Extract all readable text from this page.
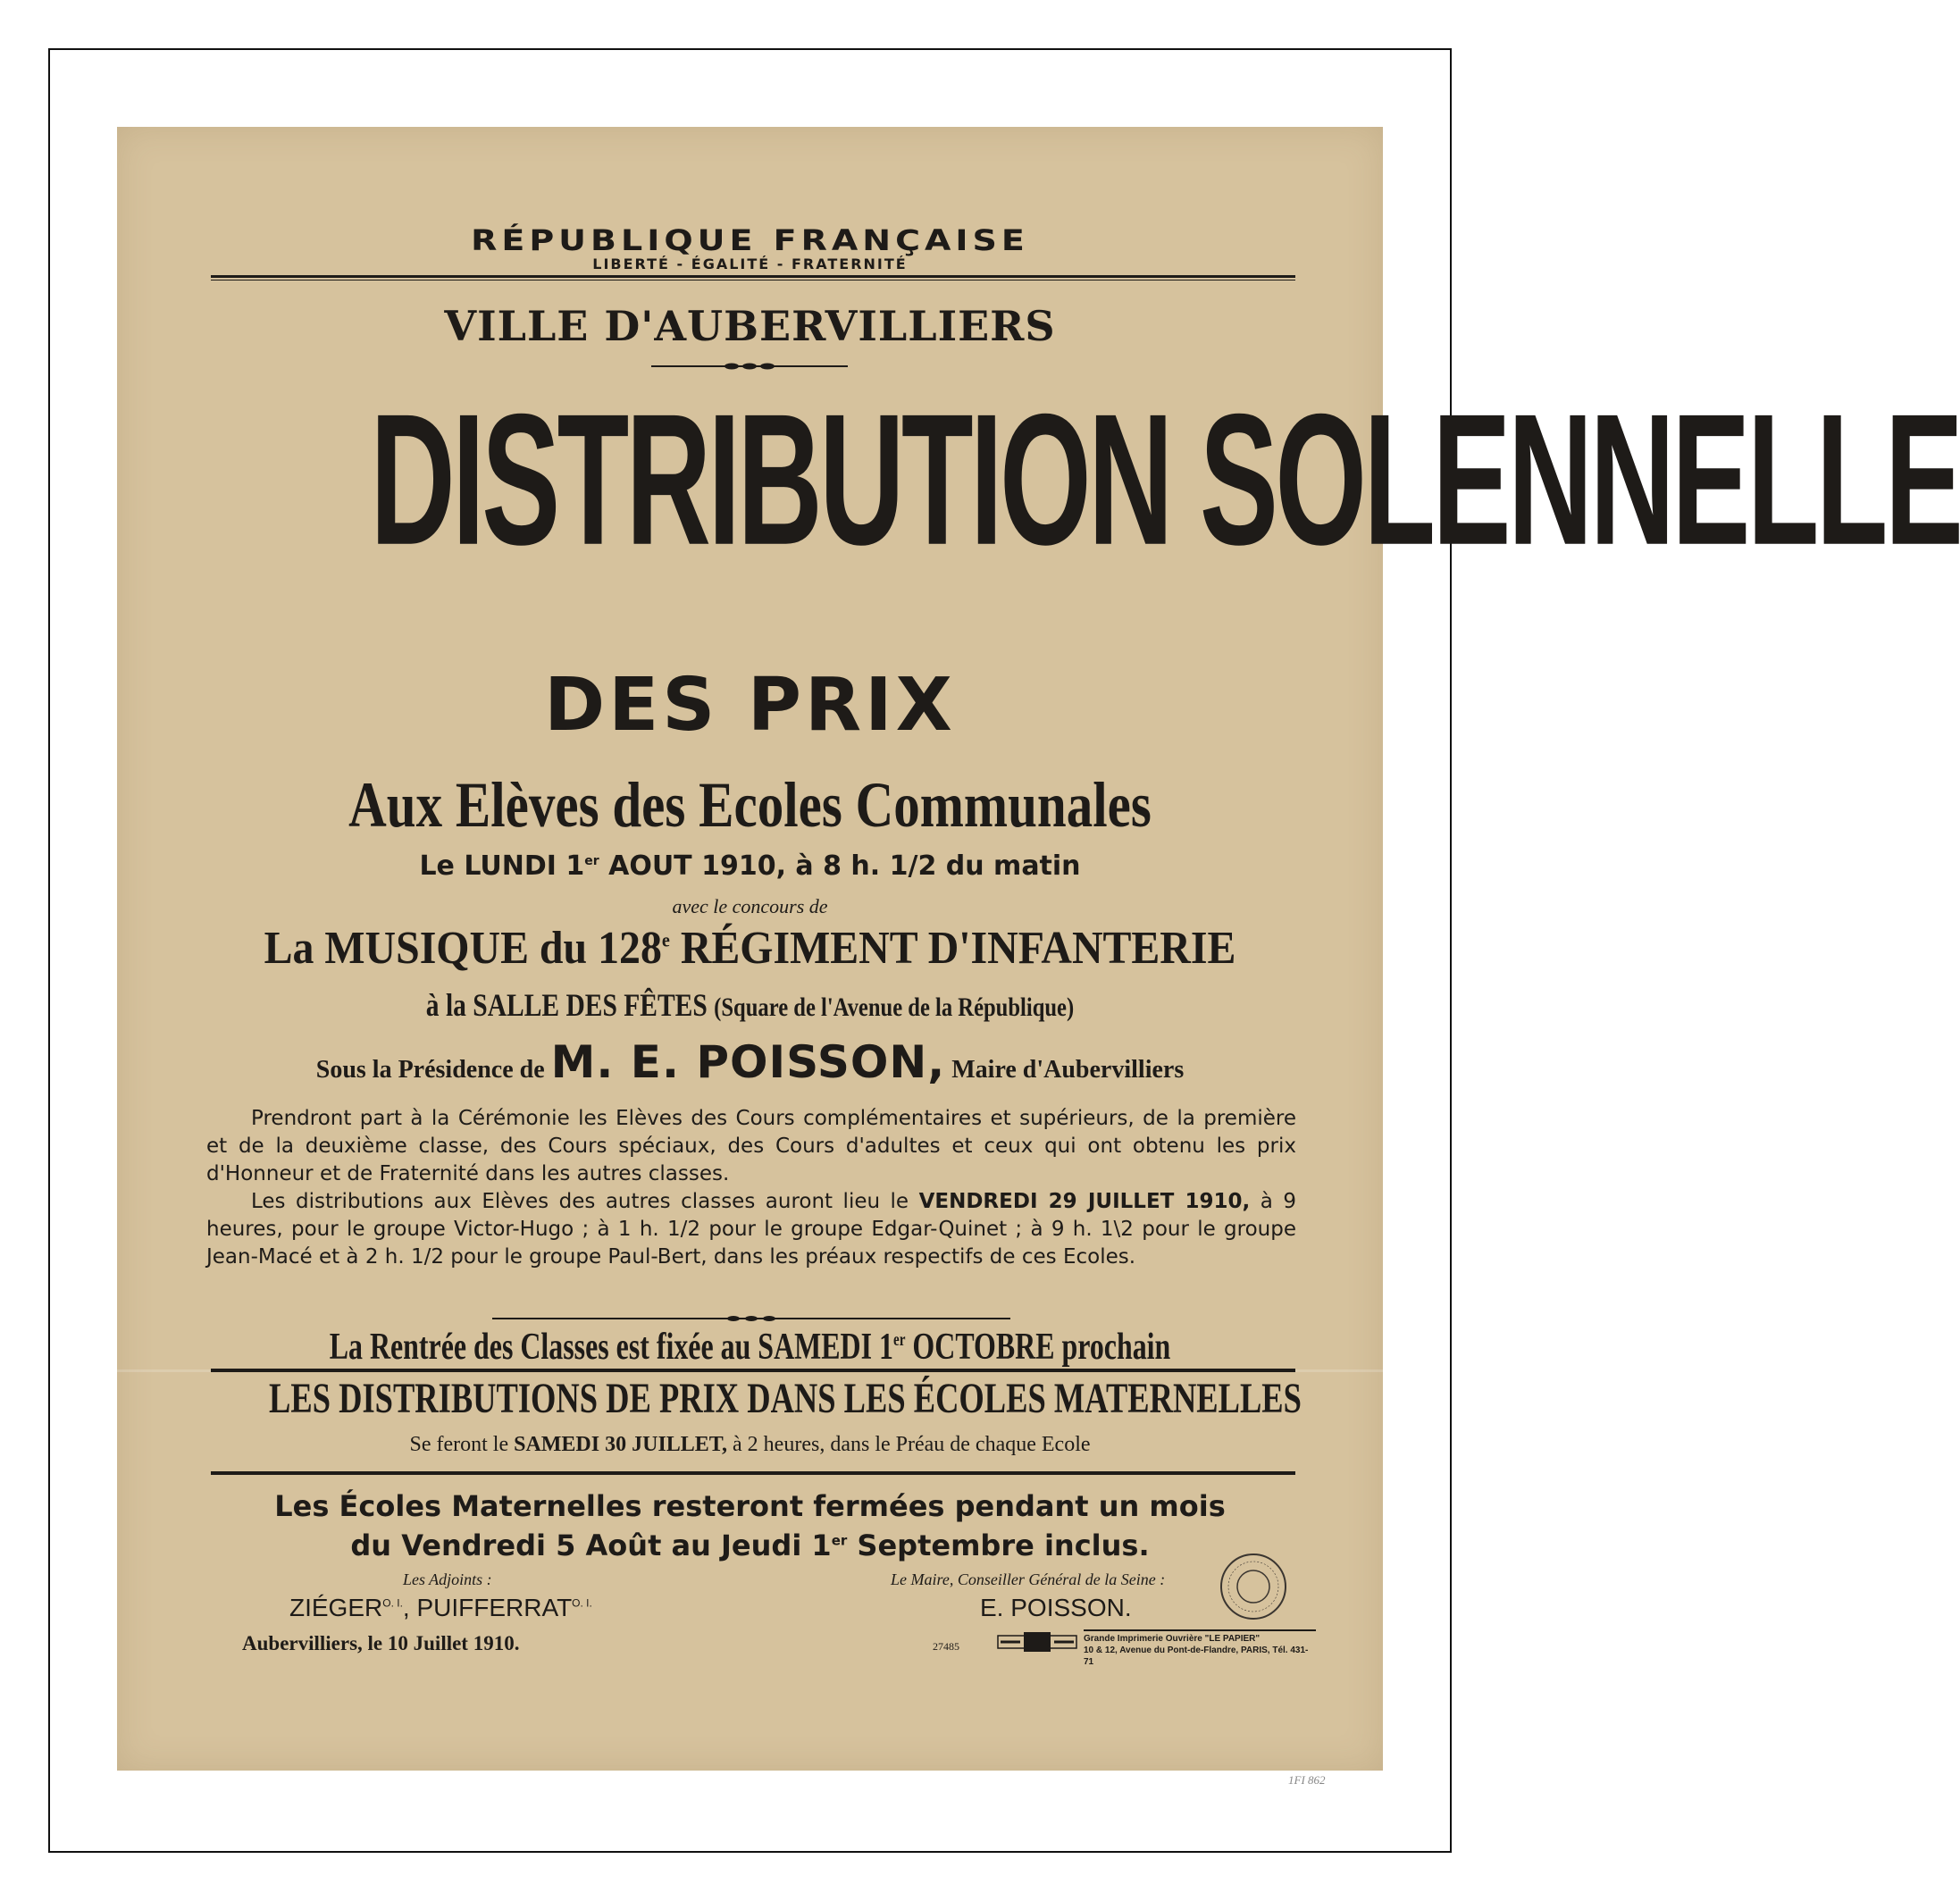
RÉPUBLIQUE FRANÇAISE
LIBERTÉ - ÉGALITÉ - FRATERNITÉ
VILLE D'AUBERVILLIERS
DISTRIBUTION SOLENNELLE
DES PRIX
Aux Elèves des Ecoles Communales
Le LUNDI 1er AOUT 1910, à 8 h. 1/2 du matin
avec le concours de
La MUSIQUE du 128e RÉGIMENT D'INFANTERIE
à la SALLE DES FÊTES (Square de l'Avenue de la République)
Sous la Présidence de M. E. POISSON, Maire d'Aubervilliers

Prendront part à la Cérémonie les Elèves des Cours complémentaires et supérieurs, de la première et de la deuxième classe, des Cours spéciaux, des Cours d'adultes et ceux qui ont obtenu les prix d'Honneur et de Fraternité dans les autres classes.

Les distributions aux Elèves des autres classes auront lieu le VENDREDI 29 JUILLET 1910, à 9 heures, pour le groupe Victor-Hugo ; à 1 h. 1/2 pour le groupe Edgar-Quinet ; à 9 h. 1\2 pour le groupe Jean-Macé et à 2 h. 1/2 pour le groupe Paul-Bert, dans les préaux respectifs de ces Ecoles.

La Rentrée des Classes est fixée au SAMEDI 1er OCTOBRE prochain
LES DISTRIBUTIONS DE PRIX DANS LES ÉCOLES MATERNELLES
Se feront le SAMEDI 30 JUILLET, à 2 heures, dans le Préau de chaque Ecole
Les Écoles Maternelles resteront fermées pendant un mois
du Vendredi 5 Août au Jeudi 1er Septembre inclus.
Les Adjoints :
$ZIÉGER^{O. I.}$, $PUIFFERRAT^{O. I.}$
Aubervilliers, le 10 Juillet 1910.
Le Maire, Conseiller Général de la Seine :
E. POISSON.
27485
Grande Imprimerie Ouvrière "LE PAPIER"
10 & 12, Avenue du Pont-de-Flandre, PARIS, Tél. 431-71
1FI 862
